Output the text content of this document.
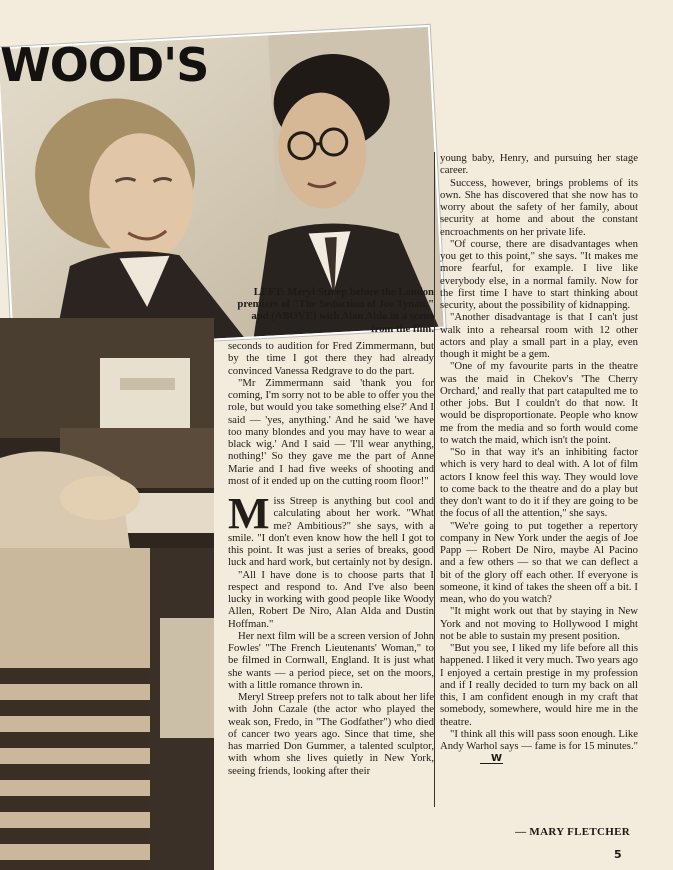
WOOD'S
LEFT: Meryl Streep before the London premiere of "The Seduction of Joe Tynan," and (ABOVE) with Alan Alda in a scene from the film.

seconds to audition for Fred Zimmermann, but by the time I got there they had already convinced Vanessa Redgrave to do the part.

"Mr Zimmermann said 'thank you for coming, I'm sorry not to be able to offer you the role, but would you take something else?' And I said — 'yes, anything.' And he said 'we have too many blondes and you may have to wear a black wig.' And I said — 'I'll wear anything, nothing!' So they gave me the part of Anne Marie and I had five weeks of shooting and most of it ended up on the cutting room floor!"

Miss Streep is anything but cool and calculating about her work. "What me? Ambitious?" she says, with a smile. "I don't even know how the hell I got to this point. It was just a series of breaks, good luck and hard work, but certainly not by design.

"All I have done is to choose parts that I respect and respond to. And I've also been lucky in working with good people like Woody Allen, Robert De Niro, Alan Alda and Dustin Hoffman."

Her next film will be a screen version of John Fowles' "The French Lieutenants' Woman," to be filmed in Cornwall, England. It is just what she wants — a period piece, set on the moors, with a little romance thrown in.

Meryl Streep prefers not to talk about her life with John Cazale (the actor who played the weak son, Fredo, in "The Godfather") who died of cancer two years ago. Since that time, she has married Don Gummer, a talented sculptor, with whom she lives quietly in New York, seeing friends, looking after their

young baby, Henry, and pursuing her stage career.

Success, however, brings problems of its own. She has discovered that she now has to worry about the safety of her family, about security at home and about the constant encroachments on her private life.

"Of course, there are disadvantages when you get to this point," she says. "It makes me more fearful, for example. I live like everybody else, in a normal family. Now for the first time I have to start thinking about security, about the possibility of kidnapping.

"Another disadvantage is that I can't just walk into a rehearsal room with 12 other actors and play a small part in a play, even though it might be a gem.

"One of my favourite parts in the theatre was the maid in Chekov's 'The Cherry Orchard,' and really that part catapulted me to other jobs. But I couldn't do that now. It would be disproportionate. People who know me from the media and so forth would come to watch the maid, which isn't the point.

"So in that way it's an inhibiting factor which is very hard to deal with. A lot of film actors I know feel this way. They would love to come back to the theatre and do a play but they don't want to do it if they are going to be the focus of all the attention," she says.

"We're going to put together a repertory company in New York under the aegis of Joe Papp — Robert De Niro, maybe Al Pacino and a few others — so that we can deflect a bit of the glory off each other. If everyone is someone, it kind of takes the sheen off a bit. I mean, who do you watch?

"It might work out that by staying in New York and not moving to Hollywood I might not be able to sustain my present position.

"But you see, I liked my life before all this happened. I liked it very much. Two years ago I enjoyed a certain prestige in my profession and if I really decided to turn my back on all this, I am confident enough in my craft that somebody, somewhere, would hire me in the theatre.

"I think all this will pass soon enough. Like Andy Warhol says — fame is for 15 minutes."W

— MARY FLETCHER
5
